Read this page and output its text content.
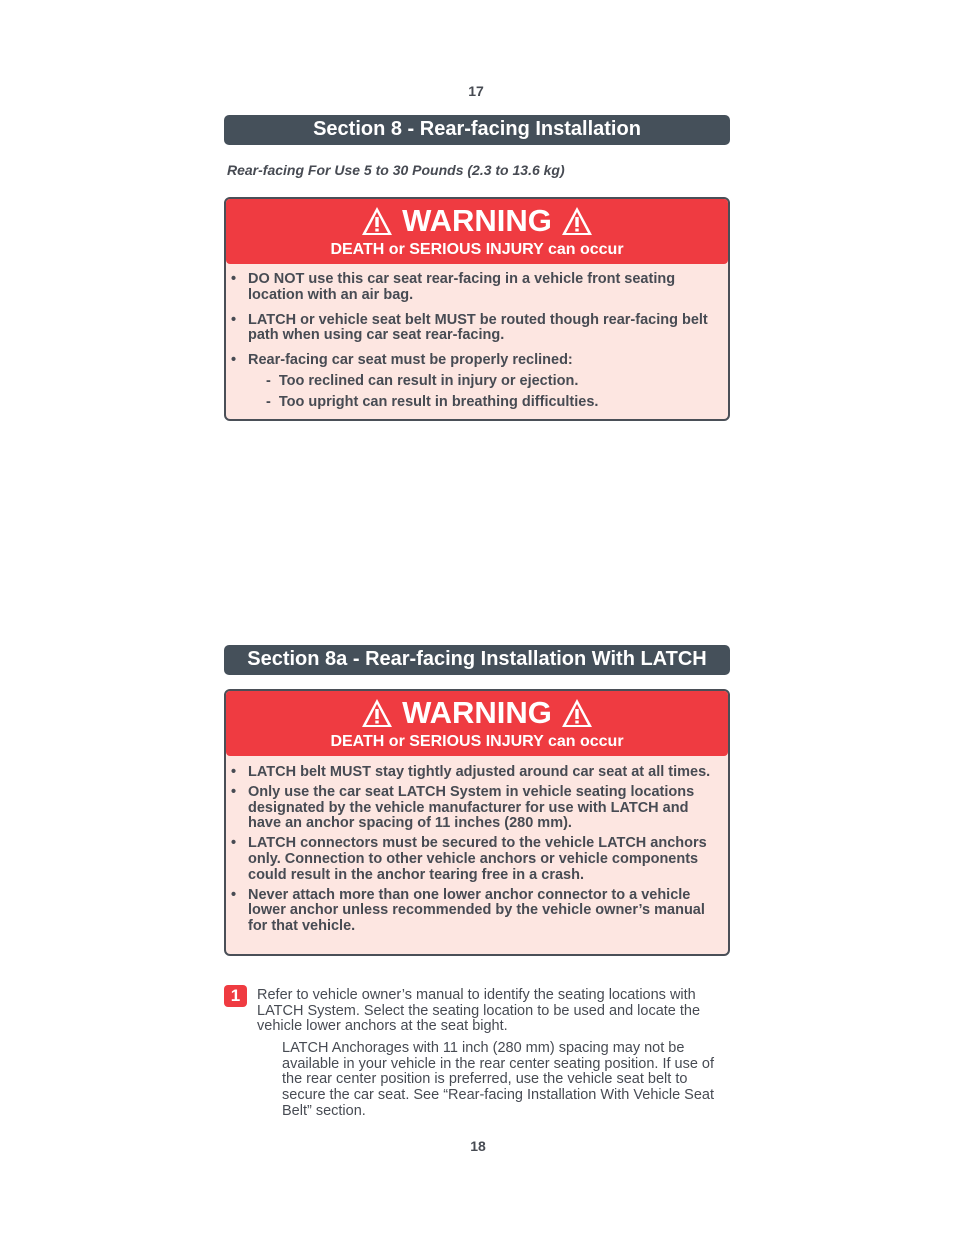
17
Section 8 - Rear-facing Installation
Rear-facing For Use 5 to 30 Pounds (2.3 to 13.6 kg)
WARNING
DEATH or SERIOUS INJURY can occur
• DO NOT use this car seat rear-facing in a vehicle front seating location with an air bag.
• LATCH or vehicle seat belt MUST be routed though rear-facing belt path when using car seat rear-facing.
• Rear-facing car seat must be properly reclined:
-  Too reclined can result in injury or ejection.
-  Too upright can result in breathing difficulties.
Section 8a - Rear-facing Installation With LATCH
WARNING
DEATH or SERIOUS INJURY can occur
• LATCH belt MUST stay tightly adjusted around car seat at all times.
• Only use the car seat LATCH System in vehicle seating locations designated by the vehicle manufacturer for use with LATCH and have an anchor spacing of 11 inches (280 mm).
• LATCH connectors must be secured to the vehicle LATCH anchors only. Connection to other vehicle anchors or vehicle components could result in the anchor tearing free in a crash.
• Never attach more than one lower anchor connector to a vehicle lower anchor unless recommended by the vehicle owner’s manual for that vehicle.
1	Refer to vehicle owner’s manual to identify the seating locations with LATCH System. Select the seating location to be used and locate the vehicle lower anchors at the seat bight.
LATCH Anchorages with 11 inch (280 mm) spacing may not be available in your vehicle in the rear center seating position. If use of the rear center position is preferred, use the vehicle seat belt to secure the car seat. See “Rear-facing Installation With Vehicle Seat Belt” section.
18
